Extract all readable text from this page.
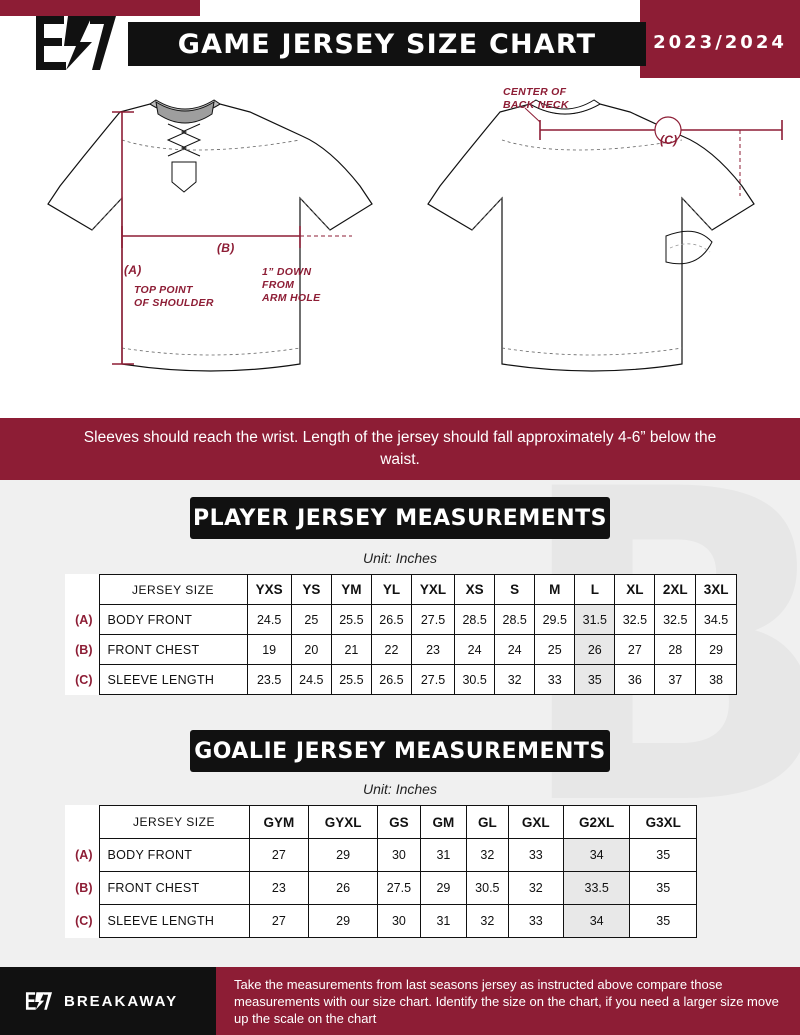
GAME JERSEY SIZE CHART	2023/2024
CENTER OF
BACK NECK
(C)
(B)
1” DOWN
FROM
ARM HOLE
(A)
TOP POINT
OF SHOULDER
Sleeves should reach the wrist. Length of the jersey should fall approximately 4-6” below the waist.
PLAYER JERSEY MEASUREMENTS
Unit: Inches
	JERSEY SIZE	YXS	YS	YM	YL	YXL	XS	S	M	L	XL	2XL	3XL
(A)	BODY FRONT	24.5	25	25.5	26.5	27.5	28.5	28.5	29.5	31.5	32.5	32.5	34.5
(B)	FRONT CHEST	19	20	21	22	23	24	24	25	26	27	28	29
(C)	SLEEVE LENGTH	23.5	24.5	25.5	26.5	27.5	30.5	32	33	35	36	37	38
GOALIE JERSEY MEASUREMENTS
Unit: Inches
	JERSEY SIZE	GYM	GYXL	GS	GM	GL	GXL	G2XL	G3XL
(A)	BODY FRONT	27	29	30	31	32	33	34	35
(B)	FRONT CHEST	23	26	27.5	29	30.5	32	33.5	35
(C)	SLEEVE LENGTH	27	29	30	31	32	33	34	35
BREAKAWAY
Take the measurements from last seasons jersey as instructed above compare those measurements with our size chart. Identify the size on the chart, if you need a larger size move up the scale on the chart
